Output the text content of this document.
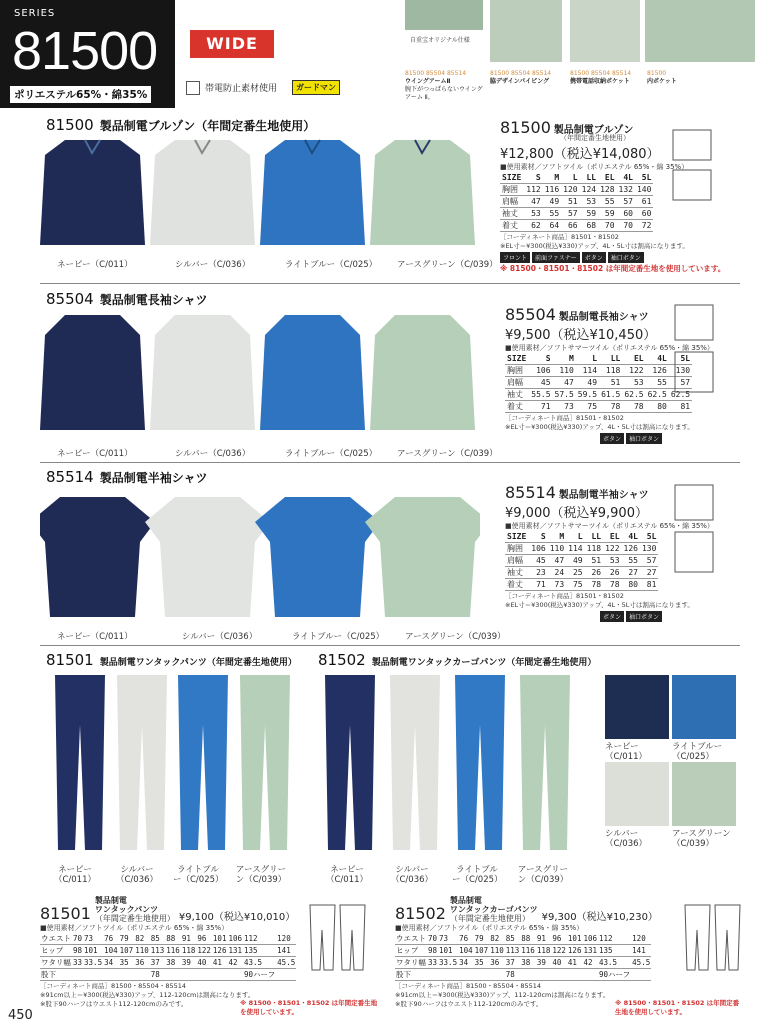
SERIES
81500
ポリエステル65%・綿35%
WIDE
帯電防止素材使用	ガードマン
自重宝オリジナル仕様
81500 85504 85514
ウイングアームⅡ
腕下がつっぱらないウイングアーム Ⅱ。
81500 85504 85514
脇デザインパイピング
81500 85504 85514
携帯電話収納ポケット
81500
内ポケット
81500 製品制電ブルゾン（年間定番生地使用）
ネービー（C/011）	シルバー（C/036）	ライトブルー（C/025） アースグリーン（C/039）
81500 製品制電ブルゾン
（年間定番生地使用）
¥12,800（税込¥14,080）
■使用素材／ソフトツイル（ポリエステル 65%・綿 35%）
SIZE	S	M	L	LL	EL	4L	5L
胸囲	112	116	120	124	128	132	140
肩幅	47	49	51	53	55	57	61
袖丈	53	55	57	59	59	60	60
着丈	62	64	66	68	70	70	72
［コーディネート商品］81501・81502
※EL寸＝¥300(税込¥330)アップ、4L・5L寸は割高になります。
フロント 前面ファスナー ボタン 袖口ボタン
※ 81500・81501・81502 は年間定番生地を使用しています。
85504 製品制電長袖シャツ
ネービー（C/011）	シルバー（C/036）	ライトブルー（C/025） アースグリーン（C/039）
85504 製品制電長袖シャツ
¥9,500（税込¥10,450）
■使用素材／ソフトサマーツイル（ポリエステル 65%・綿 35%）
SIZE	S	M	L	LL	EL	4L	5L
胸囲	106	110	114	118	122	126	130
肩幅	45	47	49	51	53	55	57
袖丈	55.5	57.5	59.5	61.5	62.5	62.5	62.5
着丈	71	73	75	78	78	80	81
［コーディネート商品］81501・81502
※EL寸＝¥300(税込¥330)アップ、4L・5L寸は割高になります。
ボタン 袖口ボタン
85514 製品制電半袖シャツ
ネービー（C/011）	シルバー（C/036）	ライトブルー（C/025） アースグリーン（C/039）
85514 製品制電半袖シャツ
¥9,000（税込¥9,900）
■使用素材／ソフトサマーツイル（ポリエステル 65%・綿 35%）
SIZE	S	M	L	LL	EL	4L	5L
胸囲	106	110	114	118	122	126	130
肩幅	45	47	49	51	53	55	57
袖丈	23	24	25	26	26	27	27
着丈	71	73	75	78	78	80	81
［コーディネート商品］81501・81502
※EL寸＝¥300(税込¥330)アップ、4L・5L寸は割高になります。
ボタン 袖口ボタン
81501 製品制電ワンタックパンツ（年間定番生地使用） 81502 製品制電ワンタックカーゴパンツ（年間定番生地使用）
ネービー（C/011）
シルバー（C/036）
ライトブルー（C/025）
アースグリーン（C/039）
ネービー（C/011）
シルバー（C/036）
ライトブルー（C/025）
アースグリーン（C/039）
ネービー（C/011）
ライトブルー（C/025）
シルバー（C/036）
アースグリーン（C/039）
81501
製品制電
ワンタックパンツ
（年間定番生地使用） ¥9,100（税込¥10,010）
■使用素材／ソフトツイル（ポリエステル 65%・綿 35%）
ウエスト	70	73	76	79	82	85	88	91	96	101	106	112	120
ヒップ	98	101	104	107	110	113	116	118	122	126	131	135	141
ワタリ幅	33	33.5	34	35	36	37	38	39	40	41	42	43.5	45.5
股下						78						90ハーフ	
［コーディネート商品］81500・85504・85514
※91cm以上＝¥300(税込¥330)アップ、112-120cmは割高になります。
※股下90ハーフはウエスト112-120cmのみです。	※ 81500・81501・81502 は年間定番生地を使用しています。
81502
製品制電
ワンタックカーゴパンツ
（年間定番生地使用）	¥9,300（税込¥10,230）
■使用素材／ソフトツイル（ポリエステル 65%・綿 35%）
ウエスト	70	73	76	79	82	85	88	91	96	101	106	112	120
ヒップ	98	101	104	107	110	113	116	118	122	126	131	135	141
ワタリ幅	33	33.5	34	35	36	37	38	39	40	41	42	43.5	45.5
股下						78						90ハーフ	
［コーディネート商品］81500・85504・85514
※91cm以上＝¥300(税込¥330)アップ、112-120cmは割高になります。
※股下90ハーフはウエスト112-120cmのみです。	※ 81500・81501・81502 は年間定番生地を使用しています。
450
